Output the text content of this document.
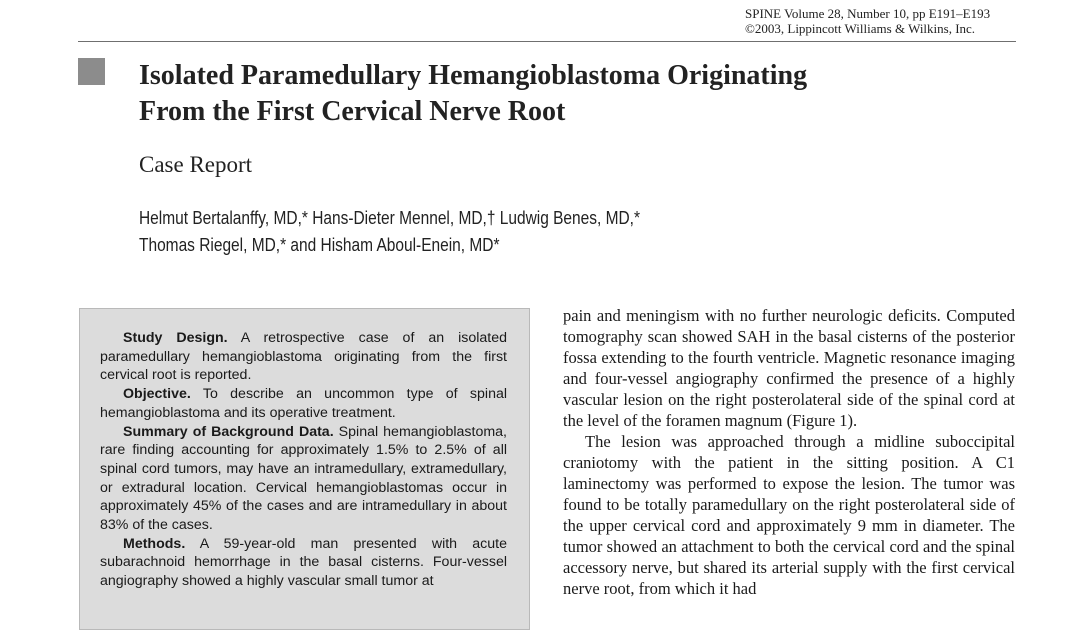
SPINE Volume 28, Number 10, pp E191–E193
©2003, Lippincott Williams & Wilkins, Inc.
Isolated Paramedullary Hemangioblastoma Originating
From the First Cervical Nerve Root
Case Report
Helmut Bertalanffy, MD,* Hans-Dieter Mennel, MD,† Ludwig Benes, MD,*
Thomas Riegel, MD,* and Hisham Aboul-Enein, MD*

Study Design. A retrospective case of an isolated paramedullary hemangioblastoma originating from the first cervical root is reported.

Objective. To describe an uncommon type of spinal hemangioblastoma and its operative treatment.

Summary of Background Data. Spinal hemangioblastoma, rare finding accounting for approximately 1.5% to 2.5% of all spinal cord tumors, may have an intramedullary, extramedullary, or extradural location. Cervical hemangioblastomas occur in approximately 45% of the cases and are intramedullary in about 83% of the cases.

Methods. A 59-year-old man presented with acute subarachnoid hemorrhage in the basal cisterns. Four-vessel angiography showed a highly vascular small tumor at

pain and meningism with no further neurologic deficits. Computed tomography scan showed SAH in the basal cisterns of the posterior fossa extending to the fourth ventricle. Magnetic resonance imaging and four-vessel angiography confirmed the presence of a highly vascular lesion on the right posterolateral side of the spinal cord at the level of the foramen magnum (Figure 1).

The lesion was approached through a midline suboccipital craniotomy with the patient in the sitting position. A C1 laminectomy was performed to expose the lesion. The tumor was found to be totally paramedullary on the right posterolateral side of the upper cervical cord and approximately 9 mm in diameter. The tumor showed an attachment to both the cervical cord and the spinal accessory nerve, but shared its arterial supply with the first cervical nerve root, from which it had
